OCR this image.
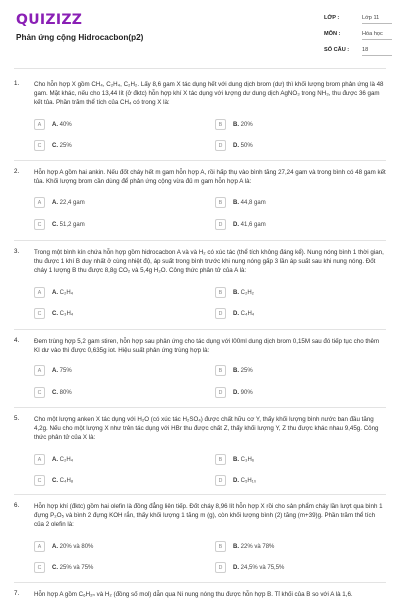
QUIZIZZ
Phản ứng cộng Hidrocacbon(p2)
LỚP :	Lớp 11
MÔN :	Hóa học
SỐ CÂU :	18
1. Cho hỗn hợp X gồm CH₄, C₂H₄, C₂H₂. Lấy 8,6 gam X tác dụng hết với dung dịch brom (dư) thì khối lượng brom phản ứng là 48 gam. Mặt khác, nếu cho 13,44 lít (ở đktc) hỗn hợp khí X tác dụng với lượng dư dung dịch AgNO₃ trong NH₃, thu được 36 gam kết tủa. Phần trăm thể tích của CH₄ có trong X là:
A	A. 40%	B	B. 20%
C	C. 25%	D	D. 50%
2. Hỗn hợp A gồm hai ankin. Nếu đốt cháy hết m gam hỗn hợp A, rồi hấp thụ vào bình tăng 27,24 gam và trong bình có 48 gam kết tủa. Khối lượng brom cần dùng để phản ứng cộng vừa đủ m gam hỗn hợp A là:
A	A. 22,4 gam	B	B. 44,8 gam
C	C. 51,2 gam	D	D. 41,6 gam
3. Trong một bình kín chứa hỗn hợp gồm hidrocacbon A và và H₂ có xúc tác (thể tích không đáng kể). Nung nóng bình 1 thời gian, thu được 1 khí B duy nhất ở cùng nhiệt độ, áp suất trong bình trước khi nung nóng gấp 3 lần áp suất sau khi nung nóng. Đốt cháy 1 lượng B thu được 8,8g CO₂ và 5,4g H₂O. Công thức phân tử của A là:
A	A. C₂H₄	B	B. C₂H₂
C	C. C₃H₄	D	D. C₄H₄
4. Đem trùng hợp 5,2 gam stiren, hỗn hợp sau phản ứng cho tác dụng với l00ml dung dịch brom 0,15M sau đó tiếp tục cho thêm KI dư vào thì được 0,635g iot. Hiệu suất phản ứng trùng hợp là:
A	A. 75%	B	B. 25%
C	C. 80%	D	D. 90%
5. Cho một lượng anken X tác dụng với H₂O (có xúc tác H₂SO₄) được chất hữu cơ Y, thấy khối lượng bình nước ban đầu tăng 4,2g. Nếu cho một lượng X như trên tác dụng với HBr thu được chất Z, thấy khối lượng Y, Z thu được khác nhau 9,45g. Công thức phân tử của X là:
A	A. C₂H₄	B	B. C₃H₆
C	C. C₄H₈	D	D. C₅H₁₀
6. Hỗn hợp khí (đktc) gồm hai olefin là đồng đẳng liên tiếp. Đốt cháy 8,96 lít hỗn hợp X rồi cho sản phẩm cháy lần lượt qua bình 1 đựng P₂O₅ và bình 2 đựng KOH rắn, thấy khối lượng 1 tăng m (g), còn khối lượng bình (2) tăng (m+39)g. Phần trăm thể tích của 2 olefin là:
A	A. 20% và 80%	B	B. 22% và 78%
C	C. 25% và 75%	D	D. 24,5% và 75,5%
7. Hỗn hợp A gồm C₆H₂ₙ và H₂ (đồng số mol) dẫn qua Ni nung nóng thu được hỗn hợp B. Tỉ khối của B so với A là 1,6.
